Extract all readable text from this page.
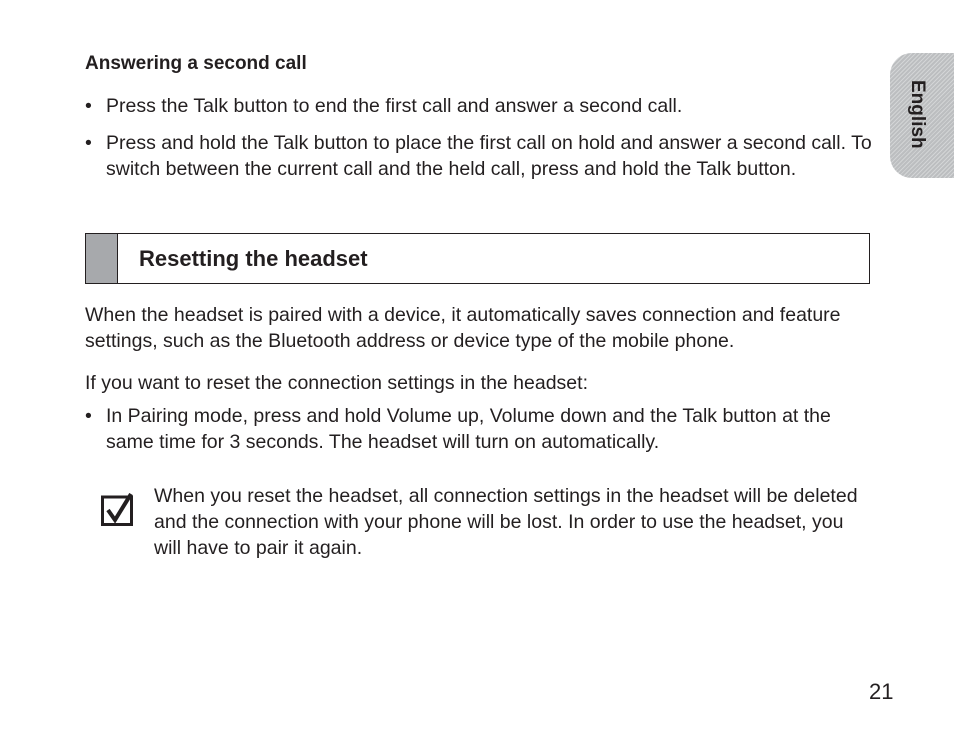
English
Answering a second call
• Press the Talk button to end the first call and answer a second call.
• Press and hold the Talk button to place the first call on hold and answer a second call. To switch between the current call and the held call, press and hold the Talk button.
Resetting the headset

When the headset is paired with a device, it automatically saves connection and feature settings, such as the Bluetooth address or device type of the mobile phone.

If you want to reset the connection settings in the headset:

• In Pairing mode, press and hold Volume up, Volume down and the Talk button at the same time for 3 seconds. The headset will turn on automatically.

When you reset the headset, all connection settings in the headset will be deleted and the connection with your phone will be lost. In order to use the headset, you will have to pair it again.

21
